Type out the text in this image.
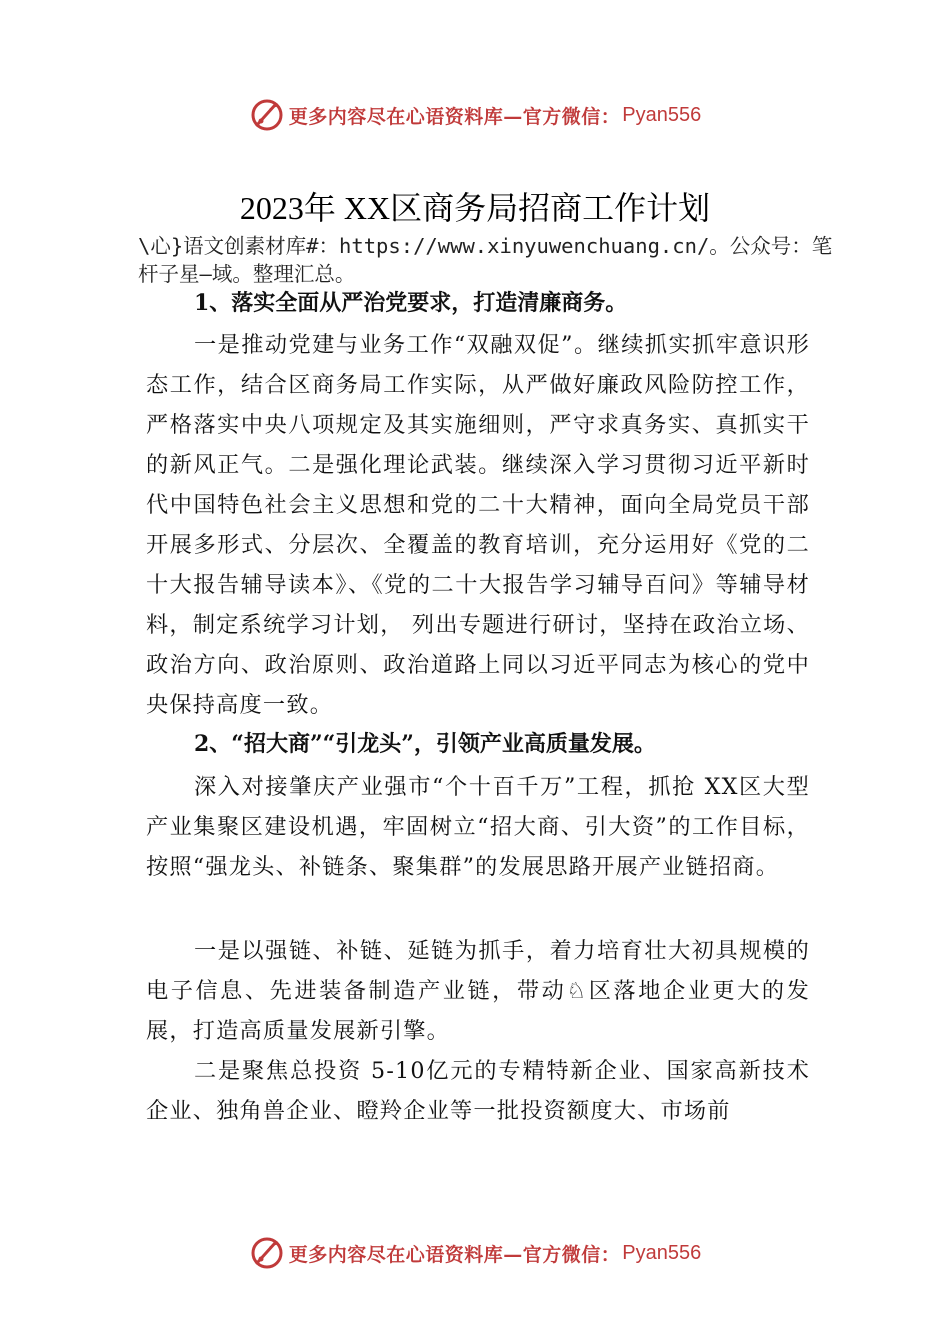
更多内容尽在心语资料库—官方微信： Pyan556
2023年 XX区商务局招商工作计划
\心}语文创素材库#：https://www.xinyuwenchuang.cn/。公众号：笔杆子星—域。整理汇总。
1、落实全面从严治党要求，打造清廉商务。
一是推动党建与业务工作“双融双促”。继续抓实抓牢意识形态工作，结合区商务局工作实际，从严做好廉政风险防控工作，严格落实中央八项规定及其实施细则，严守求真务实、真抓实干的新风正气。二是强化理论武装。继续深入学习贯彻习近平新时代中国特色社会主义思想和党的二十大精神，面向全局党员干部开展多形式、分层次、全覆盖的教育培训，充分运用好《党的二十大报告辅导读本》、《党的二十大报告学习辅导百问》等辅导材料，制定系统学习计划， 列出专题进行研讨，坚持在政治立场、政治方向、政治原则、政治道路上同以习近平同志为核心的党中央保持高度一致。
2、“招大商”“引龙头”，引领产业高质量发展。
深入对接肇庆产业强市“个十百千万”工程，抓抢 XX区大型产业集聚区建设机遇，牢固树立“招大商、引大资”的工作目标，按照“强龙头、补链条、聚集群”的发展思路开展产业链招商。
一是以强链、补链、延链为抓手，着力培育壮大初具规模的电子信息、先进装备制造产业链，带动♘区落地企业更大的发展，打造高质量发展新引擎。
二是聚焦总投资 5-10亿元的专精特新企业、国家高新技术企业、独角兽企业、瞪羚企业等一批投资额度大、市场前
更多内容尽在心语资料库—官方微信： Pyan556
